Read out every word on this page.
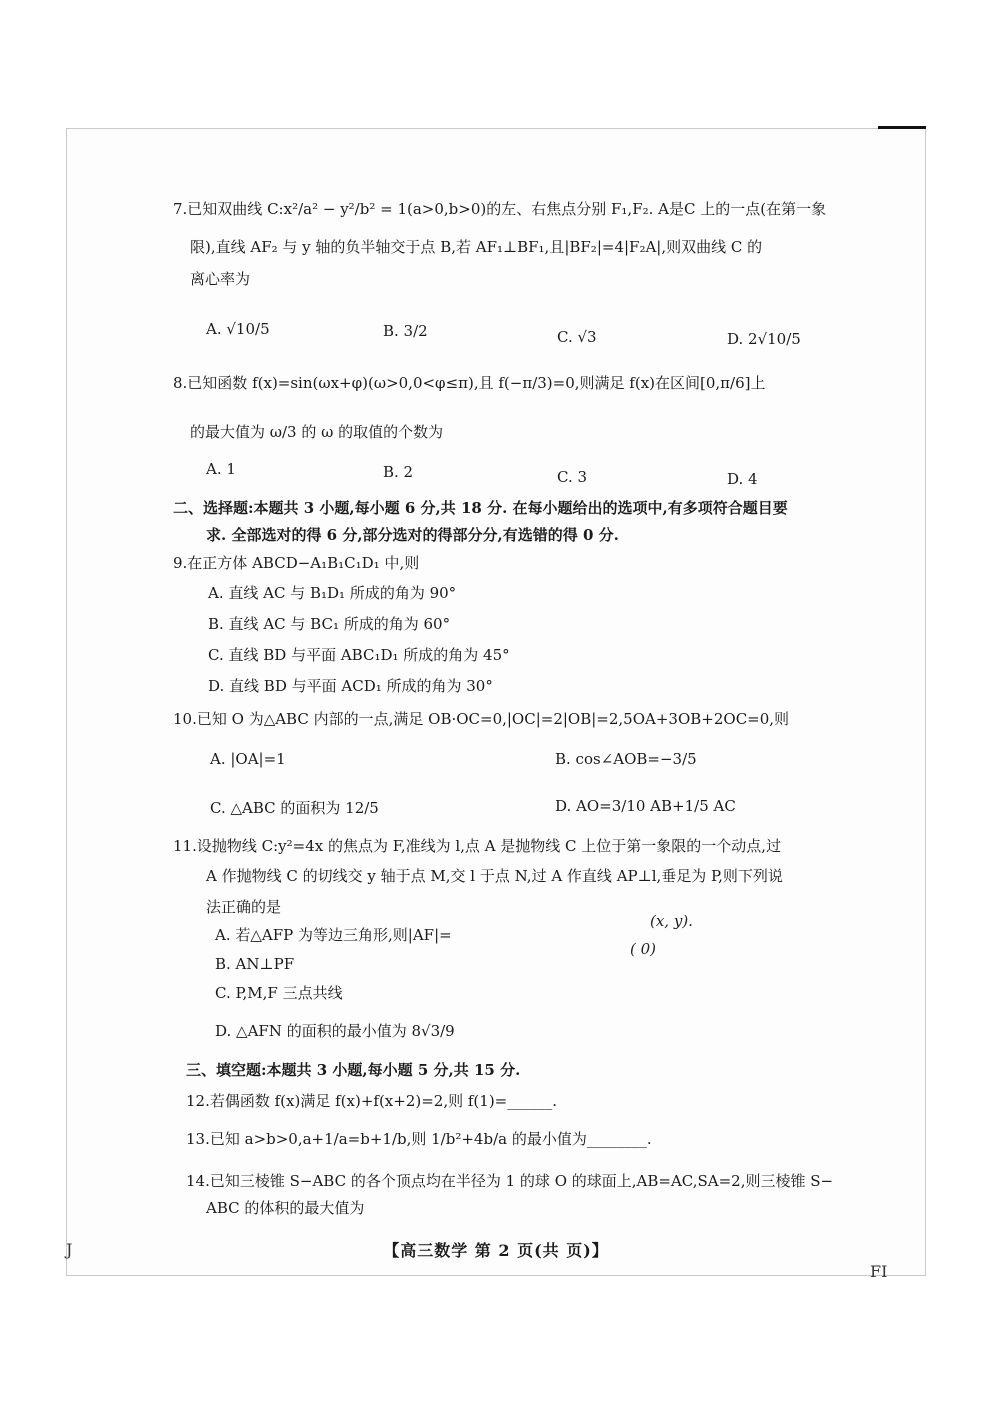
7.已知双曲线 C:x²/a² − y²/b² = 1(a>0,b>0)的左、右焦点分别 F₁,F₂. A是C 上的一点(在第一象
限),直线 AF₂ 与 y 轴的负半轴交于点 B,若 AF₁⊥BF₁,且|BF₂|=4|F₂A|,则双曲线 C 的
离心率为
A. √10/5	B. 3/2	C. √3	D. 2√10/5
8.已知函数 f(x)=sin(ωx+φ)(ω>0,0<φ≤π),且 f(−π/3)=0,则满足 f(x)在区间[0,π/6]上
的最大值为 ω/3 的 ω 的取值的个数为
A. 1	B. 2	C. 3	D. 4
二、选择题:本题共 3 小题,每小题 6 分,共 18 分. 在每小题给出的选项中,有多项符合题目要
求. 全部选对的得 6 分,部分选对的得部分分,有选错的得 0 分.
9.在正方体 ABCD−A₁B₁C₁D₁ 中,则
A. 直线 AC 与 B₁D₁ 所成的角为 90°
B. 直线 AC 与 BC₁ 所成的角为 60°
C. 直线 BD 与平面 ABC₁D₁ 所成的角为 45°
D. 直线 BD 与平面 ACD₁ 所成的角为 30°
10.已知 O 为△ABC 内部的一点,满足 OB·OC=0,|OC|=2|OB|=2,5OA+3OB+2OC=0,则
A. |OA|=1	B. cos∠AOB=−3/5
C. △ABC 的面积为 12/5	D. AO=3/10 AB+1/5 AC
11.设抛物线 C:y²=4x 的焦点为 F,准线为 l,点 A 是抛物线 C 上位于第一象限的一个动点,过
A 作抛物线 C 的切线交 y 轴于点 M,交 l 于点 N,过 A 作直线 AP⊥l,垂足为 P,则下列说
法正确的是
A. 若△AFP 为等边三角形,则|AF|=
B. AN⊥PF
C. P,M,F 三点共线
D. △AFN 的面积的最小值为 8√3/9
(x, y).
( 0)
三、填空题:本题共 3 小题,每小题 5 分,共 15 分.
12.若偶函数 f(x)满足 f(x)+f(x+2)=2,则 f(1)=______.
13.已知 a>b>0,a+1/a=b+1/b,则 1/b²+4b/a 的最小值为________.
14.已知三棱锥 S−ABC 的各个顶点均在半径为 1 的球 O 的球面上,AB=AC,SA=2,则三棱锥 S−
ABC 的体积的最大值为
【高三数学 第 2 页(共 页)】
J
FI
